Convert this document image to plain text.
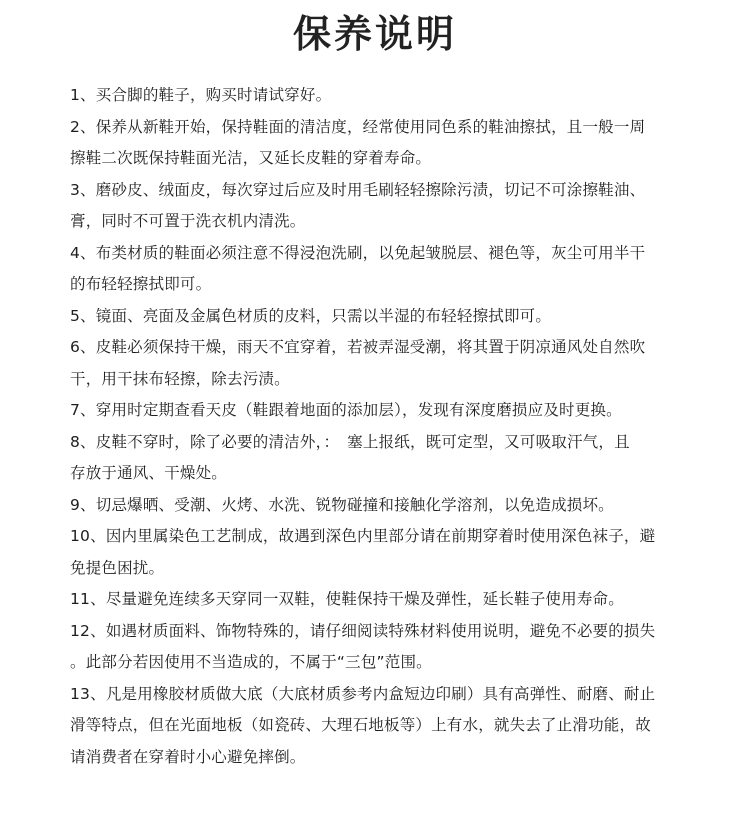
保养说明
1、买合脚的鞋子，购买时请试穿好。
2、保养从新鞋开始，保持鞋面的清洁度，经常使用同色系的鞋油擦拭，且一般一周
擦鞋二次既保持鞋面光洁，又延长皮鞋的穿着寿命。
3、磨砂皮、绒面皮，每次穿过后应及时用毛刷轻轻擦除污渍，切记不可涂擦鞋油、
膏，同时不可置于洗衣机内清洗。
4、布类材质的鞋面必须注意不得浸泡洗刷，以免起皱脱层、褪色等，灰尘可用半干
的布轻轻擦拭即可。
5、镜面、亮面及金属色材质的皮料，只需以半湿的布轻轻擦拭即可。
6、皮鞋必须保持干燥，雨天不宜穿着，若被弄湿受潮，将其置于阴凉通风处自然吹
干，用干抹布轻擦，除去污渍。
7、穿用时定期查看天皮（鞋跟着地面的添加层），发现有深度磨损应及时更换。
8、皮鞋不穿时，除了必要的清洁外，：　塞上报纸，既可定型，又可吸取汗气，且
存放于通风、干燥处。
9、切忌爆晒、受潮、火烤、水洗、锐物碰撞和接触化学溶剂，以免造成损坏。
10、因内里属染色工艺制成，故遇到深色内里部分请在前期穿着时使用深色袜子，避
免提色困扰。
11、尽量避免连续多天穿同一双鞋，使鞋保持干燥及弹性，延长鞋子使用寿命。
12、如遇材质面料、饰物特殊的，请仔细阅读特殊材料使用说明，避免不必要的损失
。此部分若因使用不当造成的，不属于“三包”范围。
13、凡是用橡胶材质做大底（大底材质参考内盒短边印刷）具有高弹性、耐磨、耐止
滑等特点，但在光面地板（如瓷砖、大理石地板等）上有水，就失去了止滑功能，故
请消费者在穿着时小心避免摔倒。
